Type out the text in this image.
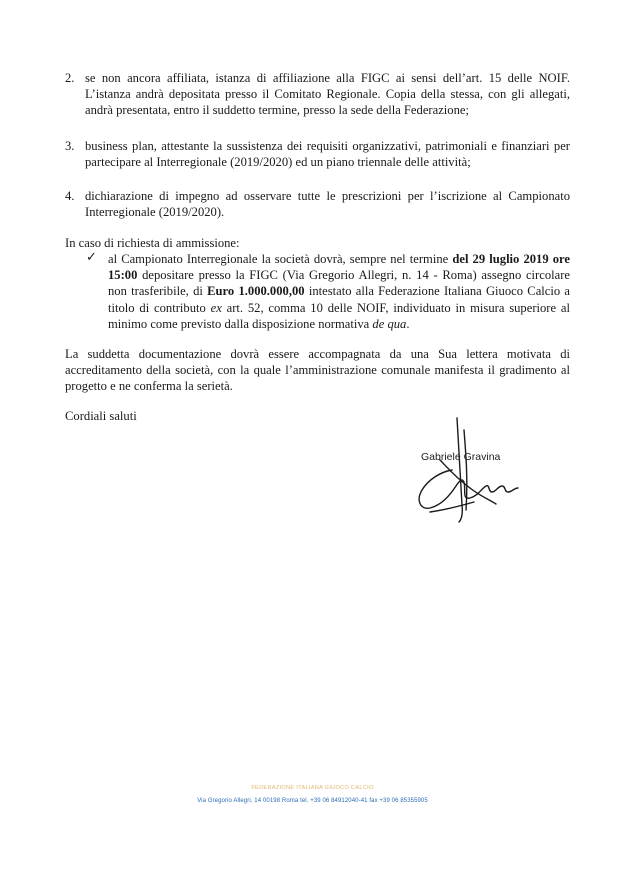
2. se non ancora affiliata, istanza di affiliazione alla FIGC ai sensi dell’art. 15 delle NOIF. L’istanza andrà depositata presso il Comitato Regionale. Copia della stessa, con gli allegati, andrà presentata, entro il suddetto termine, presso la sede della Federazione;
3. business plan, attestante la sussistenza dei requisiti organizzativi, patrimoniali e finanziari per partecipare al Interregionale (2019/2020) ed un piano triennale delle attività;
4. dichiarazione di impegno ad osservare tutte le prescrizioni per l’iscrizione al Campionato Interregionale (2019/2020).
In caso di richiesta di ammissione:
✓ al Campionato Interregionale la società dovrà, sempre nel termine del 29 luglio 2019 ore 15:00 depositare presso la FIGC (Via Gregorio Allegri, n. 14 - Roma) assegno circolare non trasferibile, di Euro 1.000.000,00 intestato alla Federazione Italiana Giuoco Calcio a titolo di contributo ex art. 52, comma 10 delle NOIF, individuato in misura superiore al minimo come previsto dalla disposizione normativa de qua.
La suddetta documentazione dovrà essere accompagnata da una Sua lettera motivata di accreditamento della società, con la quale l’amministrazione comunale manifesta il gradimento al progetto e ne conferma la serietà.
Cordiali saluti
Gabriele Gravina
FEDERAZIONE ITALIANA GIUOCO CALCIO
Via Gregorio Allegri, 14 00198 Roma tel. +39 06 84912040-41 fax +39 06 85355905
